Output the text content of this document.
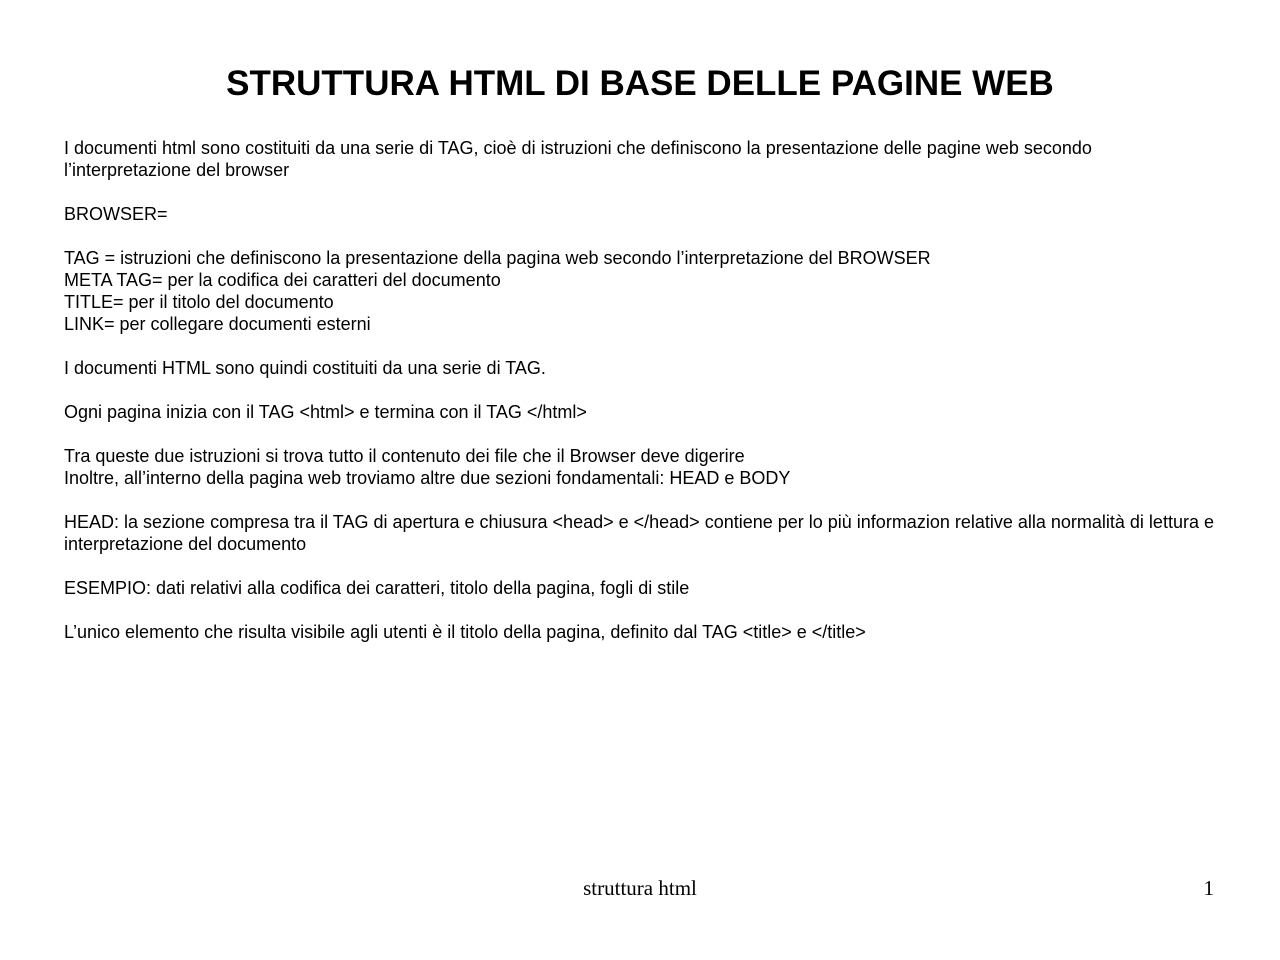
STRUTTURA HTML DI BASE DELLE PAGINE WEB

I documenti html sono costituiti da una serie di TAG, cioè di istruzioni che definiscono la presentazione delle pagine web secondo l’interpretazione del browser

BROWSER=

TAG = istruzioni che definiscono la presentazione della pagina web secondo l’interpretazione del BROWSER

META TAG= per la codifica dei caratteri del documento

TITLE= per il titolo del documento

LINK= per collegare documenti esterni

I documenti HTML sono quindi costituiti da una serie di TAG.

Ogni pagina inizia con il TAG <html> e termina con il TAG </html>

Tra queste due istruzioni si trova tutto il contenuto dei file che il Browser deve digerire

Inoltre, all’interno della pagina web troviamo altre due sezioni fondamentali: HEAD e BODY

HEAD: la sezione compresa tra il TAG di apertura e chiusura <head> e </head> contiene per lo più informazion relative alla normalità di lettura e interpretazione del documento

ESEMPIO: dati relativi alla codifica dei caratteri, titolo della pagina, fogli di stile

L’unico elemento che risulta visibile agli utenti è il titolo della pagina, definito dal TAG <title> e </title>

struttura html	1
